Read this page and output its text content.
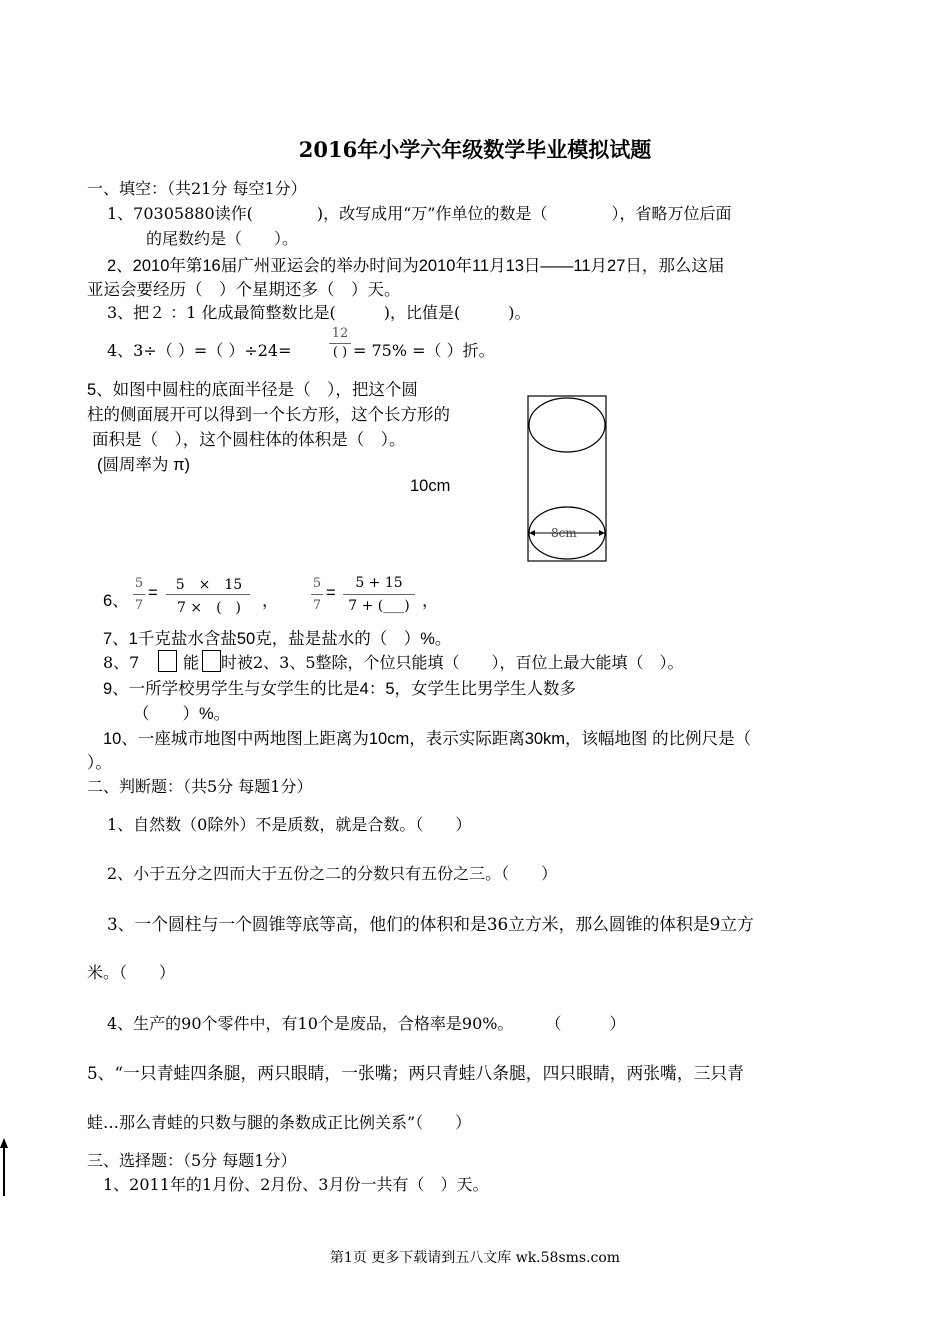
2016年小学六年级数学毕业模拟试题
一、填空：（共21分 每空1分）
1、70305880读作(　　　　)，改写成用“万”作单位的数是（　　　　），省略万位后面
的尾数约是（　　）。
2、2010年第16届广州亚运会的举办时间为2010年11月13日——11月27日，那么这届
亚运会要经历（　）个星期还多（　）天。
3、把２ ：1 化成最简整数比是(　　　)，比值是(　　　)。
4、3÷（ ）=（ ）÷24=
12
( ) = 75% =（ ）折。
5、如图中圆柱的底面半径是（　），把这个圆
柱的侧面展开可以得到一个长方形，这个长方形的
面积是（　），这个圆柱体的体积是（　）。
(圆周率为 π)
10cm
8cm
6、
5
7
=	5　×　15
7 ×　(　)	，
5
7
=
5 + 15
7 + (___) ，
7、1千克盐水含盐50克，盐是盐水的（　）%。
8、7	能 时被2、3、5整除，个位只能填（　　），百位上最大能填（　）。
9、一所学校男学生与女学生的比是4：5，女学生比男学生人数多
（　　）%。
10、一座城市地图中两地图上距离为10cm，表示实际距离30km，该幅地图 的比例尺是（
）。
二、判断题：（共5分 每题1分）
1、自然数（0除外）不是质数，就是合数。（　　）
2、小于五分之四而大于五份之二的分数只有五份之三。（　　）
3、一个圆柱与一个圆锥等底等高，他们的体积和是36立方米，那么圆锥的体积是9立方
米。（　　）
4、生产的90个零件中，有10个是废品，合格率是90%。　　　（　　　）
5、“一只青蛙四条腿，两只眼睛，一张嘴；两只青蛙八条腿，四只眼睛，两张嘴，三只青
蛙…那么青蛙的只数与腿的条数成正比例关系”（　　）
三、选择题：（5分 每题1分）
1、2011年的1月份、2月份、3月份一共有（　）天。
第1页 更多下载请到五八文库 wk.58sms.com
